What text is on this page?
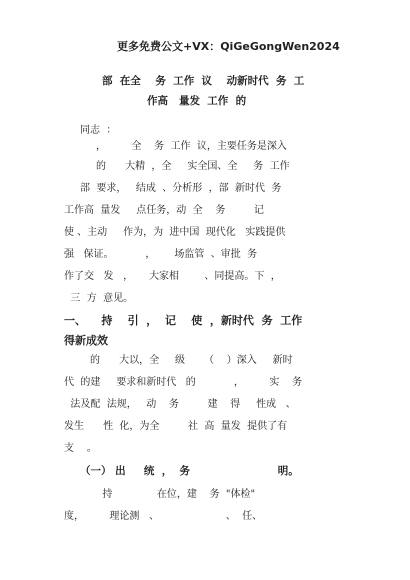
更多免费公文+VX：QiGeGongWen2024
部  在全    务  工作  议    动新时代  务  工
作高   量发  工作  的
同志  ：
，        全    务  工作  议，主要任务是深入
的      大精  ，全     实全国、全     务  工作
部  要求，   结成  、分析形  ，部  新时代  务
工作高  量发     点任务，动  全    务         记
使 、主动     作为，为  进中国  现代化   实践提供
强   保证。          ，      场监管  、审批  务
作了交   发   ，     大家相        、同提高。下  ，
三  方  意见。
一、    持    引  ，  记    使  ，新时代  务  工作
得新成效
的      大以，全     级      （    ）深入     新时
代  的建     要求和新时代   的            ，        实    务
法及配  法规，   动    务         建    得     性成   、
发生      性  化，为全         社  高  量发  提供了有
支    。
（一） 出     统  ，  务                        明。
持              在位，建    务  "体检"
度，        理论测   、                     、  任、
